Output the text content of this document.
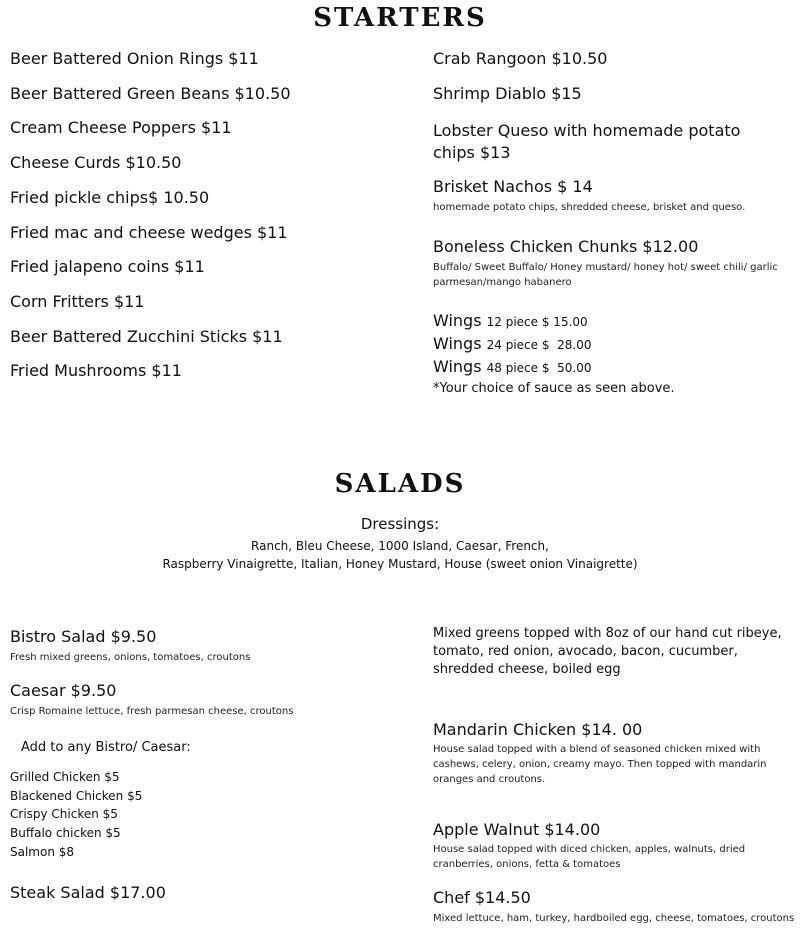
STARTERS
Beer Battered Onion Rings $11
Beer Battered Green Beans $10.50
Cream Cheese Poppers $11
Cheese Curds $10.50
Fried pickle chips$ 10.50
Fried mac and cheese wedges $11
Fried jalapeno coins $11
Corn Fritters $11
Beer Battered Zucchini Sticks $11
Fried Mushrooms $11
Crab Rangoon $10.50
Shrimp Diablo $15
Lobster Queso with homemade potato chips $13
Brisket Nachos $ 14
homemade potato chips, shredded cheese, brisket and queso.
Boneless Chicken Chunks $12.00
Buffalo/ Sweet Buffalo/ Honey mustard/ honey hot/ sweet chili/ garlic parmesan/mango habanero
Wings 12 piece $ 15.00
Wings 24 piece $  28.00
Wings 48 piece $  50.00
*Your choice of sauce as seen above.
SALADS
Dressings:
Ranch, Bleu Cheese, 1000 Island, Caesar, French,
Raspberry Vinaigrette, Italian, Honey Mustard, House (sweet onion Vinaigrette)
Bistro Salad $9.50
Fresh mixed greens, onions, tomatoes, croutons
Caesar $9.50
Crisp Romaine lettuce, fresh parmesan cheese, croutons
Add to any Bistro/ Caesar:
Grilled Chicken $5
Blackened Chicken $5
Crispy Chicken $5
Buffalo chicken $5
Salmon $8
Steak Salad $17.00
Mixed greens topped with 8oz of our hand cut ribeye, tomato, red onion, avocado, bacon, cucumber, shredded cheese, boiled egg
Mandarin Chicken $14. 00
House salad topped with a blend of seasoned chicken mixed with cashews, celery, onion, creamy mayo. Then topped with mandarin oranges and croutons.
Apple Walnut $14.00
House salad topped with diced chicken, apples, walnuts, dried cranberries, onions, fetta & tomatoes
Chef $14.50
Mixed lettuce, ham, turkey, hardboiled egg, cheese, tomatoes, croutons
